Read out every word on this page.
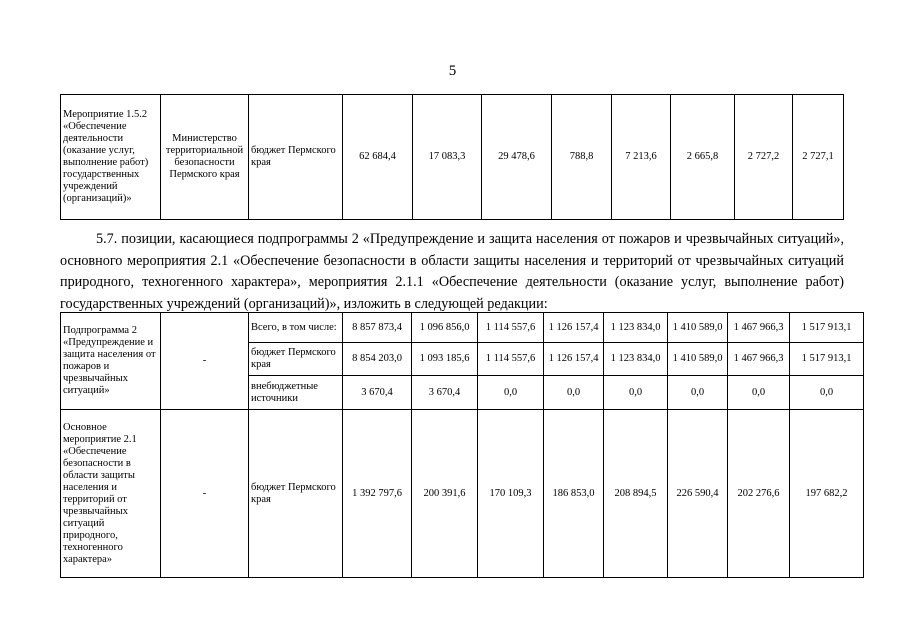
5
Мероприятие 1.5.2 «Обеспечение деятельности (оказание услуг, выполнение работ) государственных учреждений (организаций)»	Министерство территориальной безопасности Пермского края	бюджет Пермского края	62 684,4	17 083,3	29 478,6	788,8	7 213,6	2 665,8	2 727,2	2 727,1

5.7. позиции, касающиеся подпрограммы 2 «Предупреждение и защита населения от пожаров и чрезвычайных ситуаций», основного мероприятия 2.1 «Обеспечение безопасности в области защиты населения и территорий от чрезвычайных ситуаций природного, техногенного характера», мероприятия 2.1.1 «Обеспечение деятельности (оказание услуг, выполнение работ) государственных учреждений (организаций)», изложить в следующей редакции:

Подпрограмма 2 «Предупреждение и защита населения от пожаров и чрезвычайных ситуаций»	-	Всего, в том числе:	8 857 873,4	1 096 856,0	1 114 557,6	1 126 157,4	1 123 834,0	1 410 589,0	1 467 966,3	1 517 913,1
		бюджет Пермского края	8 854 203,0	1 093 185,6	1 114 557,6	1 126 157,4	1 123 834,0	1 410 589,0	1 467 966,3	1 517 913,1
		внебюджетные источники	3 670,4	3 670,4	0,0	0,0	0,0	0,0	0,0	0,0
Основное мероприятие 2.1 «Обеспечение безопасности в области защиты населения и территорий от чрезвычайных ситуаций природного, техногенного характера»	-	бюджет Пермского края	1 392 797,6	200 391,6	170 109,3	186 853,0	208 894,5	226 590,4	202 276,6	197 682,2
